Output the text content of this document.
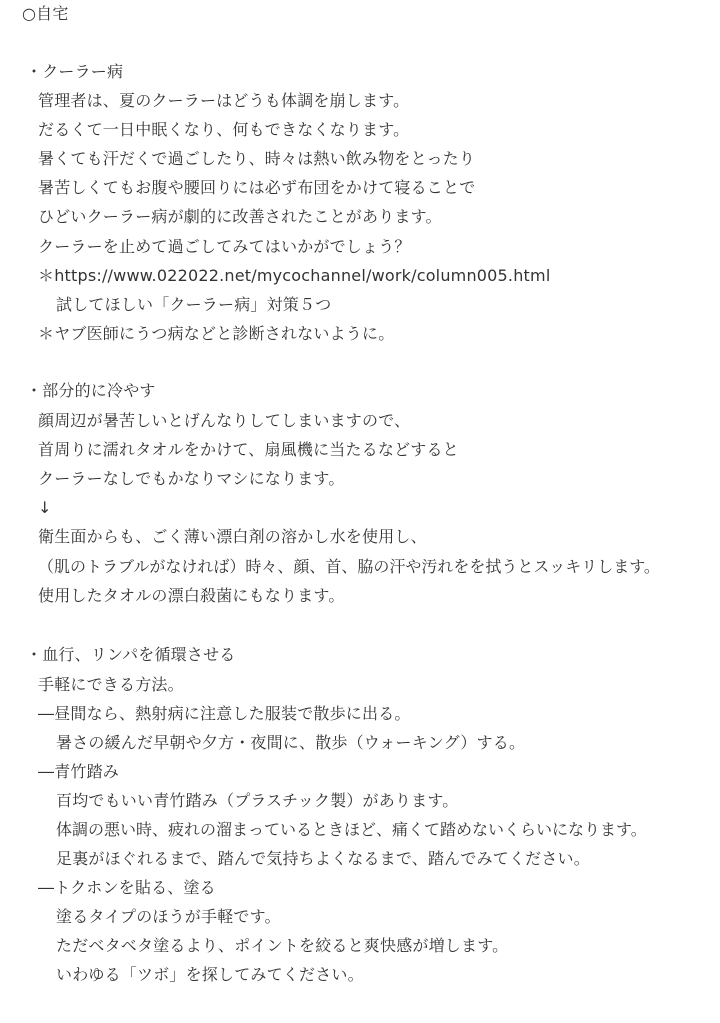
○自宅
・クーラー病
管理者は、夏のクーラーはどうも体調を崩します。
だるくて一日中眠くなり、何もできなくなります。
暑くても汗だくで過ごしたり、時々は熱い飲み物をとったり
暑苦しくてもお腹や腰回りには必ず布団をかけて寝ることで
ひどいクーラー病が劇的に改善されたことがあります。
クーラーを止めて過ごしてみてはいかがでしょう？
＊https://www.022022.net/mycochannel/work/column005.html
試してほしい「クーラー病」対策５つ
＊ヤブ医師にうつ病などと診断されないように。
・部分的に冷やす
顔周辺が暑苦しいとげんなりしてしまいますので、
首周りに濡れタオルをかけて、扇風機に当たるなどすると
クーラーなしでもかなりマシになります。
↓
衛生面からも、ごく薄い漂白剤の溶かし水を使用し、
（肌のトラブルがなければ）時々、顔、首、脇の汗や汚れをを拭うとスッキリします。
使用したタオルの漂白殺菌にもなります。
・血行、リンパを循環させる
手軽にできる方法。
―昼間なら、熱射病に注意した服装で散歩に出る。
暑さの緩んだ早朝や夕方・夜間に、散歩（ウォーキング）する。
―青竹踏み
百均でもいい青竹踏み（プラスチック製）があります。
体調の悪い時、疲れの溜まっているときほど、痛くて踏めないくらいになります。
足裏がほぐれるまで、踏んで気持ちよくなるまで、踏んでみてください。
―トクホンを貼る、塗る
塗るタイプのほうが手軽です。
ただベタベタ塗るより、ポイントを絞ると爽快感が増します。
いわゆる「ツボ」を探してみてください。
